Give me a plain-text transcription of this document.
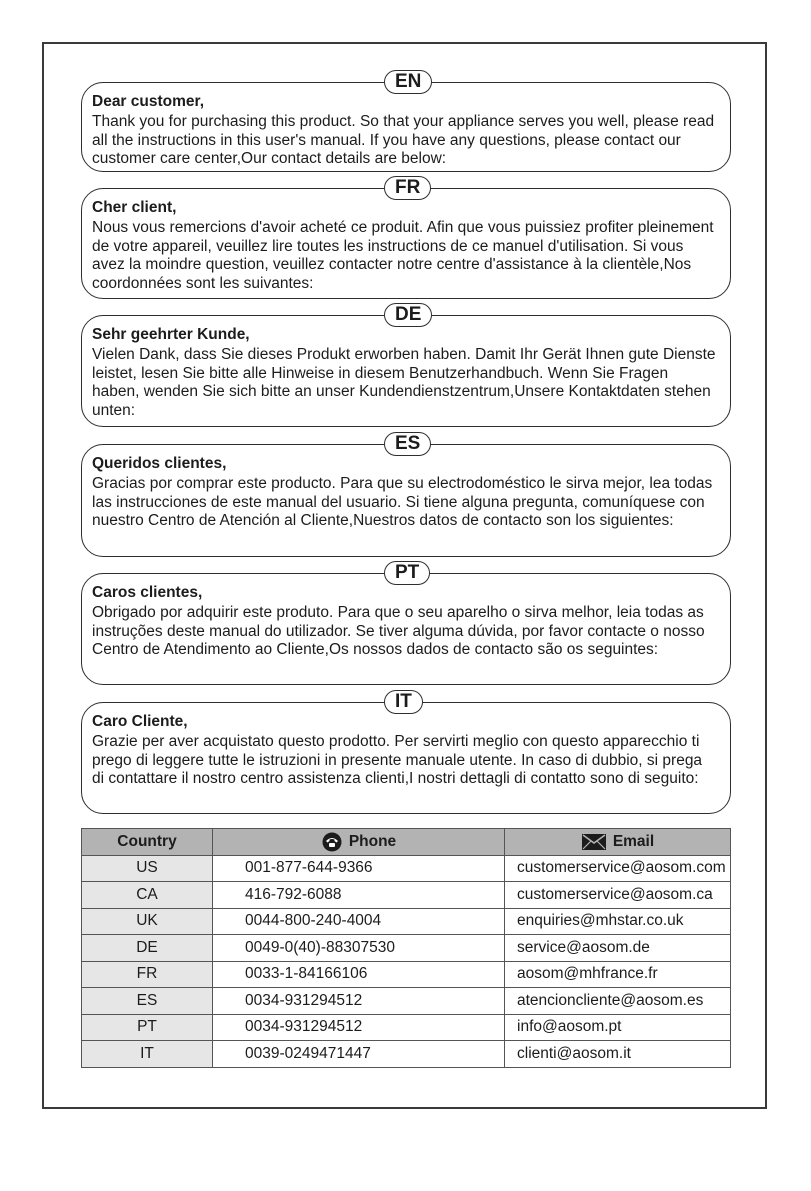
EN

Dear customer,

Thank you for purchasing this product. So that your appliance serves you well, please read all the instructions in this user's manual. If you have any questions, please contact our customer care center,Our contact details are below:

FR

Cher client,

Nous vous remercions d'avoir acheté ce produit. Afin que vous puissiez profiter pleinement de votre appareil, veuillez lire toutes les instructions de ce manuel d'utilisation. Si vous avez la moindre question, veuillez contacter notre centre d'assistance à la clientèle,Nos coordonnées sont les suivantes:

DE

Sehr geehrter Kunde,

Vielen Dank, dass Sie dieses Produkt erworben haben. Damit Ihr Gerät Ihnen gute Dienste leistet, lesen Sie bitte alle Hinweise in diesem Benutzerhandbuch. Wenn Sie Fragen haben, wenden Sie sich bitte an unser Kundendienstzentrum,Unsere Kontaktdaten stehen unten:

ES

Queridos clientes,

Gracias por comprar este producto. Para que su electrodoméstico le sirva mejor, lea todas las instrucciones de este manual del usuario. Si tiene alguna pregunta, comuníquese con nuestro Centro de Atención al Cliente,Nuestros datos de contacto son los siguientes:

PT

Caros clientes,

Obrigado por adquirir este produto. Para que o seu aparelho o sirva melhor, leia todas as instruções deste manual do utilizador. Se tiver alguma dúvida, por favor contacte o nosso Centro de Atendimento ao Cliente,Os nossos dados de contacto são os seguintes:

IT

Caro Cliente,

Grazie per aver acquistato questo prodotto. Per servirti meglio con questo apparecchio ti prego di leggere tutte le istruzioni in presente manuale utente. In caso di dubbio, si prega di contattare il nostro centro assistenza clienti,I nostri dettagli di contatto sono di seguito:

Country	Phone	Email
US	001-877-644-9366	customerservice@aosom.com
CA	416-792-6088	customerservice@aosom.ca
UK	0044-800-240-4004	enquiries@mhstar.co.uk
DE	0049-0(40)-88307530	service@aosom.de
FR	0033-1-84166106	aosom@mhfrance.fr
ES	0034-931294512	atencioncliente@aosom.es
PT	0034-931294512	info@aosom.pt
IT	0039-0249471447	clienti@aosom.it
